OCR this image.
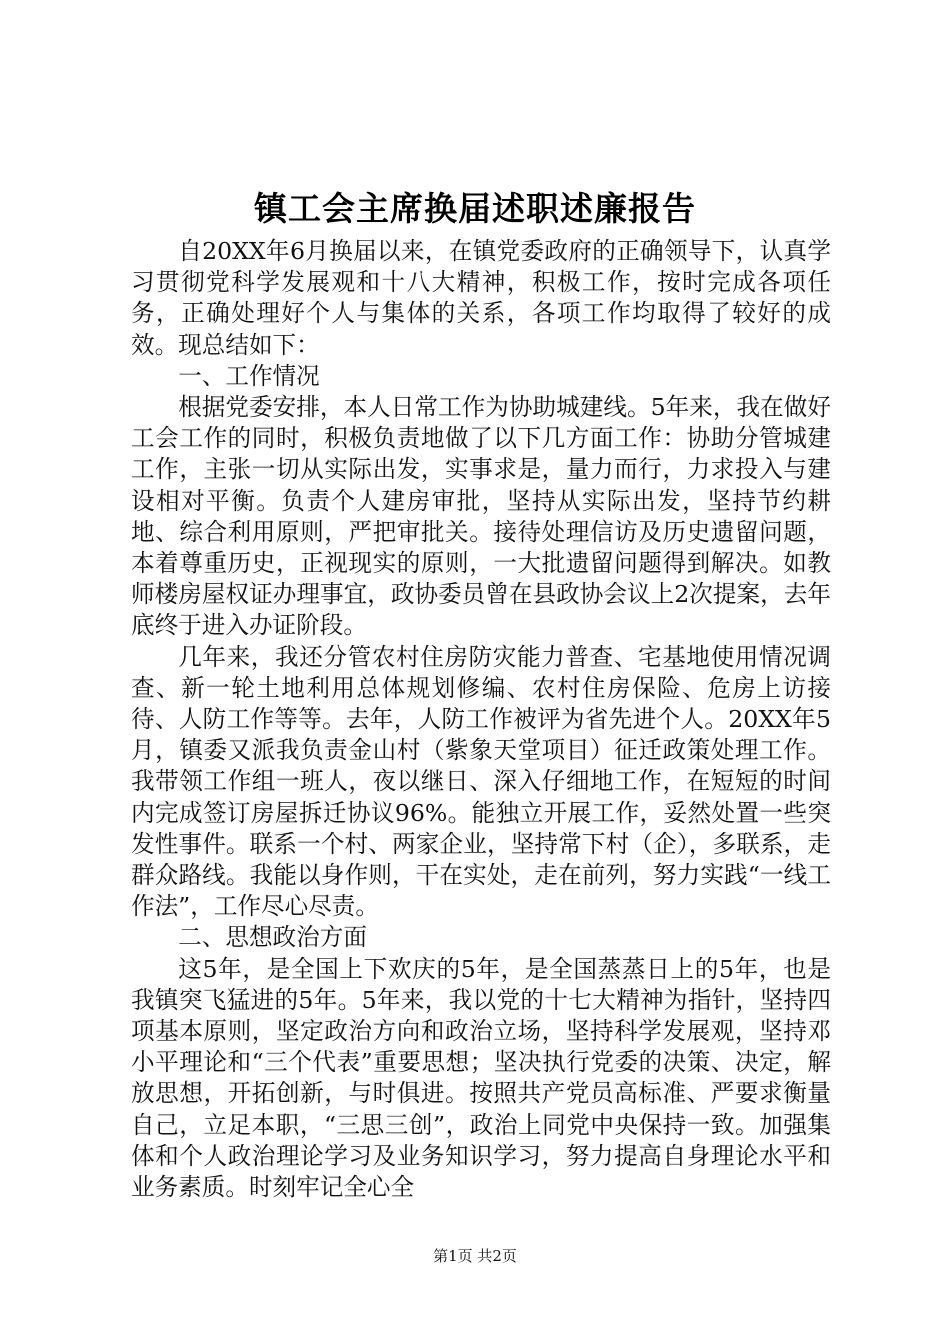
镇工会主席换届述职述廉报告

自20XX年6月换届以来，在镇党委政府的正确领导下，认真学习贯彻党科学发展观和十八大精神，积极工作，按时完成各项任务，正确处理好个人与集体的关系，各项工作均取得了较好的成效。现总结如下：

一、工作情况

根据党委安排，本人日常工作为协助城建线。5年来，我在做好工会工作的同时，积极负责地做了以下几方面工作：协助分管城建工作，主张一切从实际出发，实事求是，量力而行，力求投入与建设相对平衡。负责个人建房审批，坚持从实际出发，坚持节约耕地、综合利用原则，严把审批关。接待处理信访及历史遗留问题，本着尊重历史，正视现实的原则，一大批遗留问题得到解决。如教师楼房屋权证办理事宜，政协委员曾在县政协会议上2次提案，去年底终于进入办证阶段。

几年来，我还分管农村住房防灾能力普查、宅基地使用情况调查、新一轮土地利用总体规划修编、农村住房保险、危房上访接待、人防工作等等。去年，人防工作被评为省先进个人。20XX年5月，镇委又派我负责金山村（紫象天堂项目）征迁政策处理工作。我带领工作组一班人，夜以继日、深入仔细地工作，在短短的时间内完成签订房屋拆迁协议96%。能独立开展工作，妥然处置一些突发性事件。联系一个村、两家企业，坚持常下村（企），多联系，走群众路线。我能以身作则，干在实处，走在前列，努力实践“一线工作法”，工作尽心尽责。

二、思想政治方面

这5年，是全国上下欢庆的5年，是全国蒸蒸日上的5年，也是我镇突飞猛进的5年。5年来，我以党的十七大精神为指针，坚持四项基本原则，坚定政治方向和政治立场，坚持科学发展观，坚持邓小平理论和“三个代表”重要思想；坚决执行党委的决策、决定，解放思想，开拓创新，与时俱进。按照共产党员高标准、严要求衡量自己，立足本职，“三思三创”，政治上同党中央保持一致。加强集体和个人政治理论学习及业务知识学习，努力提高自身理论水平和业务素质。时刻牢记全心全

第1页 共2页
